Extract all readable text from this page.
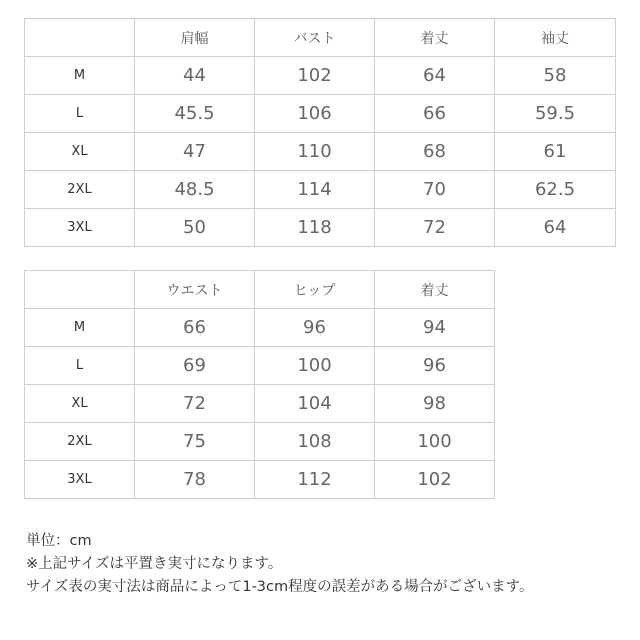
	肩幅	バスト	着丈	袖丈
M	44	102	64	58
L	45.5	106	66	59.5
XL	47	110	68	61
2XL	48.5	114	70	62.5
3XL	50	118	72	64
	ウエスト	ヒップ	着丈
M	66	96	94
L	69	100	96
XL	72	104	98
2XL	75	108	100
3XL	78	112	102
単位：cm
※上記サイズは平置き実寸になります。
サイズ表の実寸法は商品によって1-3cm程度の誤差がある場合がございます。
